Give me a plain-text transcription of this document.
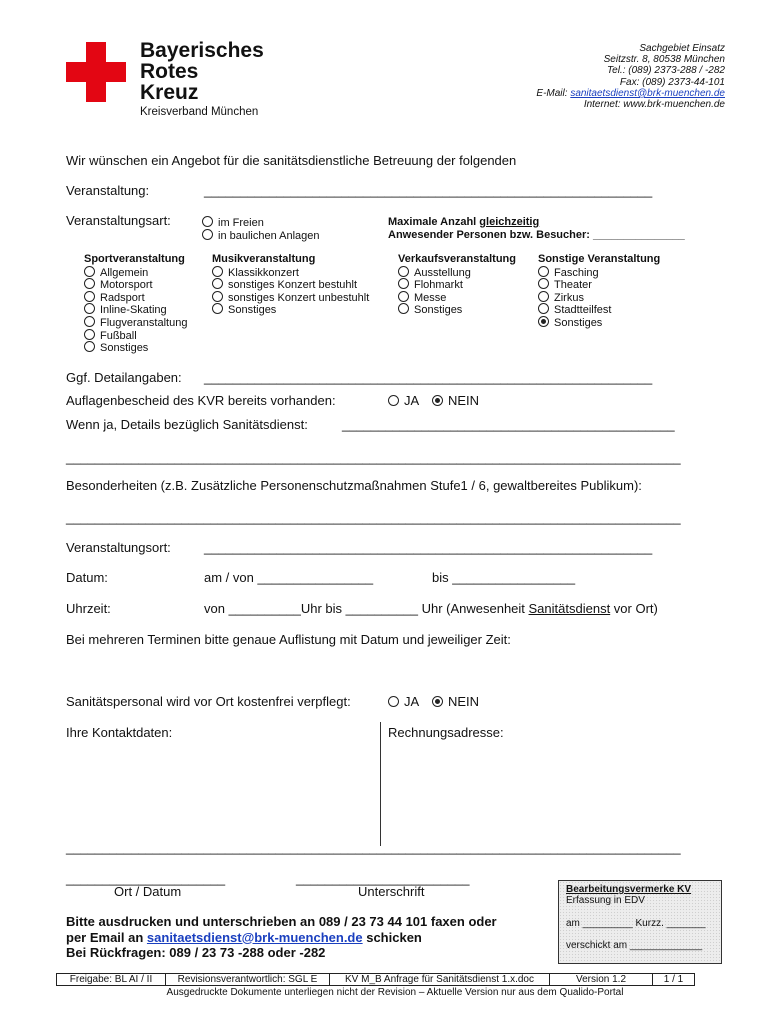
Bayerisches
Rotes
Kreuz
Kreisverband München
Sachgebiet Einsatz
Seitzstr. 8, 80538 München
Tel.: (089) 2373-288 / -282
Fax: (089) 2373-44-101
E-Mail: sanitaetsdienst@brk-muenchen.de
Internet: www.brk-muenchen.de
Wir wünschen ein Angebot für die sanitätsdienstliche Betreuung der folgenden
Veranstaltung:	______________________________________________________________
Veranstaltungsart:	im Freien
in baulichen Anlagen
Maximale Anzahl gleichzeitig
Anwesender Personen bzw. Besucher: _______________
Sportveranstaltung
Allgemein
Motorsport
Radsport
Inline-Skating
Flugveranstaltung
Fußball
Sonstiges
Musikveranstaltung
Klassikkonzert
sonstiges Konzert bestuhlt
sonstiges Konzert unbestuhlt
Sonstiges
Verkaufsveranstaltung
Ausstellung
Flohmarkt
Messe
Sonstiges
Sonstige Veranstaltung
Fasching
Theater
Zirkus
Stadtteilfest
Sonstiges
Ggf. Detailangaben: ______________________________________________________________
Auflagenbescheid des KVR bereits vorhanden:	JA	NEIN
Wenn ja, Details bezüglich Sanitätsdienst:	______________________________________________
_____________________________________________________________________________________
Besonderheiten (z.B. Zusätzliche Personenschutzmaßnahmen Stufe1 / 6, gewaltbereites Publikum):
_____________________________________________________________________________________
Veranstaltungsort:	______________________________________________________________
Datum:	am / von ________________	bis _________________
Uhrzeit:	von __________Uhr bis __________ Uhr (Anwesenheit Sanitätsdienst vor Ort)
Bei mehreren Terminen bitte genaue Auflistung mit Datum und jeweiliger Zeit:
Sanitätspersonal wird vor Ort kostenfrei verpflegt:	JA	NEIN
Ihre Kontaktdaten:	Rechnungsadresse:
_____________________________________________________________________________________
______________________
Ort / Datum
________________________
Unterschrift
Bitte ausdrucken und unterschrieben an 089 / 23 73 44 101 faxen oder
per Email an sanitaetsdienst@brk-muenchen.de schicken
Bei Rückfragen: 089 / 23 73 -288 oder -282
Bearbeitungsvermerke KV
Erfassung in EDV
am _________ Kurzz. _______
verschickt am _____________
Freigabe: BL AI / II	Revisionsverantwortlich: SGL E	KV M_B Anfrage für Sanitätsdienst 1.x.doc	Version 1.2	1 / 1
Ausgedruckte Dokumente unterliegen nicht der Revision – Aktuelle Version nur aus dem Qualido-Portal
